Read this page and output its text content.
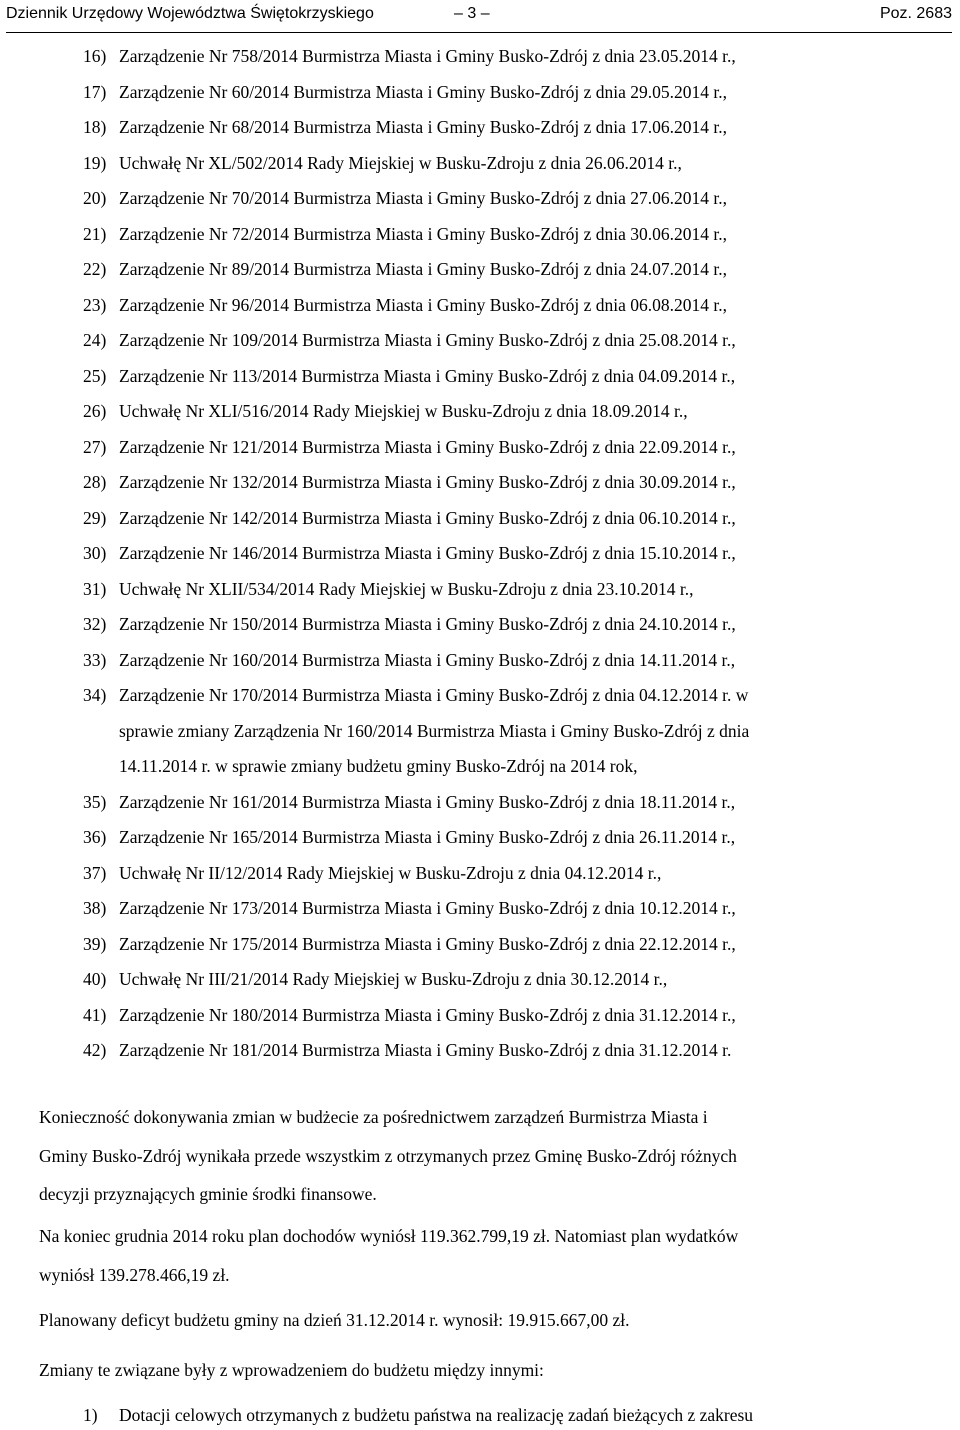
Dziennik Urzędowy Województwa Świętokrzyskiego	– 3 –	Poz. 2683
16) Zarządzenie Nr 758/2014 Burmistrza Miasta i Gminy Busko-Zdrój z dnia 23.05.2014 r.,
17) Zarządzenie Nr 60/2014 Burmistrza Miasta i Gminy Busko-Zdrój z dnia 29.05.2014 r.,
18) Zarządzenie Nr 68/2014 Burmistrza Miasta i Gminy Busko-Zdrój z dnia 17.06.2014 r.,
19) Uchwałę Nr XL/502/2014 Rady Miejskiej w Busku-Zdroju z dnia 26.06.2014 r.,
20) Zarządzenie Nr 70/2014 Burmistrza Miasta i Gminy Busko-Zdrój z dnia 27.06.2014 r.,
21) Zarządzenie Nr 72/2014 Burmistrza Miasta i Gminy Busko-Zdrój z dnia 30.06.2014 r.,
22) Zarządzenie Nr 89/2014 Burmistrza Miasta i Gminy Busko-Zdrój z dnia 24.07.2014 r.,
23) Zarządzenie Nr 96/2014 Burmistrza Miasta i Gminy Busko-Zdrój z dnia 06.08.2014 r.,
24) Zarządzenie Nr 109/2014 Burmistrza Miasta i Gminy Busko-Zdrój z dnia 25.08.2014 r.,
25) Zarządzenie Nr 113/2014 Burmistrza Miasta i Gminy Busko-Zdrój z dnia 04.09.2014 r.,
26) Uchwałę Nr XLI/516/2014 Rady Miejskiej w Busku-Zdroju z dnia 18.09.2014 r.,
27) Zarządzenie Nr 121/2014 Burmistrza Miasta i Gminy Busko-Zdrój z dnia 22.09.2014 r.,
28) Zarządzenie Nr 132/2014 Burmistrza Miasta i Gminy Busko-Zdrój z dnia 30.09.2014 r.,
29) Zarządzenie Nr 142/2014 Burmistrza Miasta i Gminy Busko-Zdrój z dnia 06.10.2014 r.,
30) Zarządzenie Nr 146/2014 Burmistrza Miasta i Gminy Busko-Zdrój z dnia 15.10.2014 r.,
31) Uchwałę Nr XLII/534/2014 Rady Miejskiej w Busku-Zdroju z dnia 23.10.2014 r.,
32) Zarządzenie Nr 150/2014 Burmistrza Miasta i Gminy Busko-Zdrój z dnia 24.10.2014 r.,
33) Zarządzenie Nr 160/2014 Burmistrza Miasta i Gminy Busko-Zdrój z dnia 14.11.2014 r.,
34) Zarządzenie Nr 170/2014 Burmistrza Miasta i Gminy Busko-Zdrój z dnia 04.12.2014 r. w
sprawie zmiany Zarządzenia Nr 160/2014 Burmistrza Miasta i Gminy Busko-Zdrój z dnia
14.11.2014 r. w sprawie zmiany budżetu gminy Busko-Zdrój na 2014 rok,
35) Zarządzenie Nr 161/2014 Burmistrza Miasta i Gminy Busko-Zdrój z dnia 18.11.2014 r.,
36) Zarządzenie Nr 165/2014 Burmistrza Miasta i Gminy Busko-Zdrój z dnia 26.11.2014 r.,
37) Uchwałę Nr II/12/2014 Rady Miejskiej w Busku-Zdroju z dnia 04.12.2014 r.,
38) Zarządzenie Nr 173/2014 Burmistrza Miasta i Gminy Busko-Zdrój z dnia 10.12.2014 r.,
39) Zarządzenie Nr 175/2014 Burmistrza Miasta i Gminy Busko-Zdrój z dnia 22.12.2014 r.,
40) Uchwałę Nr III/21/2014 Rady Miejskiej w Busku-Zdroju z dnia 30.12.2014 r.,
41) Zarządzenie Nr 180/2014 Burmistrza Miasta i Gminy Busko-Zdrój z dnia 31.12.2014 r.,
42) Zarządzenie Nr 181/2014 Burmistrza Miasta i Gminy Busko-Zdrój z dnia 31.12.2014 r.
Konieczność dokonywania zmian w budżecie za pośrednictwem zarządzeń Burmistrza Miasta i
Gminy Busko-Zdrój wynikała przede wszystkim z otrzymanych przez Gminę Busko-Zdrój różnych
decyzji przyznających gminie środki finansowe.
Na koniec grudnia 2014 roku plan dochodów wyniósł 119.362.799,19 zł. Natomiast plan wydatków
wyniósł 139.278.466,19 zł.
Planowany deficyt budżetu gminy na dzień 31.12.2014 r. wynosił: 19.915.667,00 zł.
Zmiany te związane były z wprowadzeniem do budżetu między innymi:
1) Dotacji celowych otrzymanych z budżetu państwa na realizację zadań bieżących z zakresu
